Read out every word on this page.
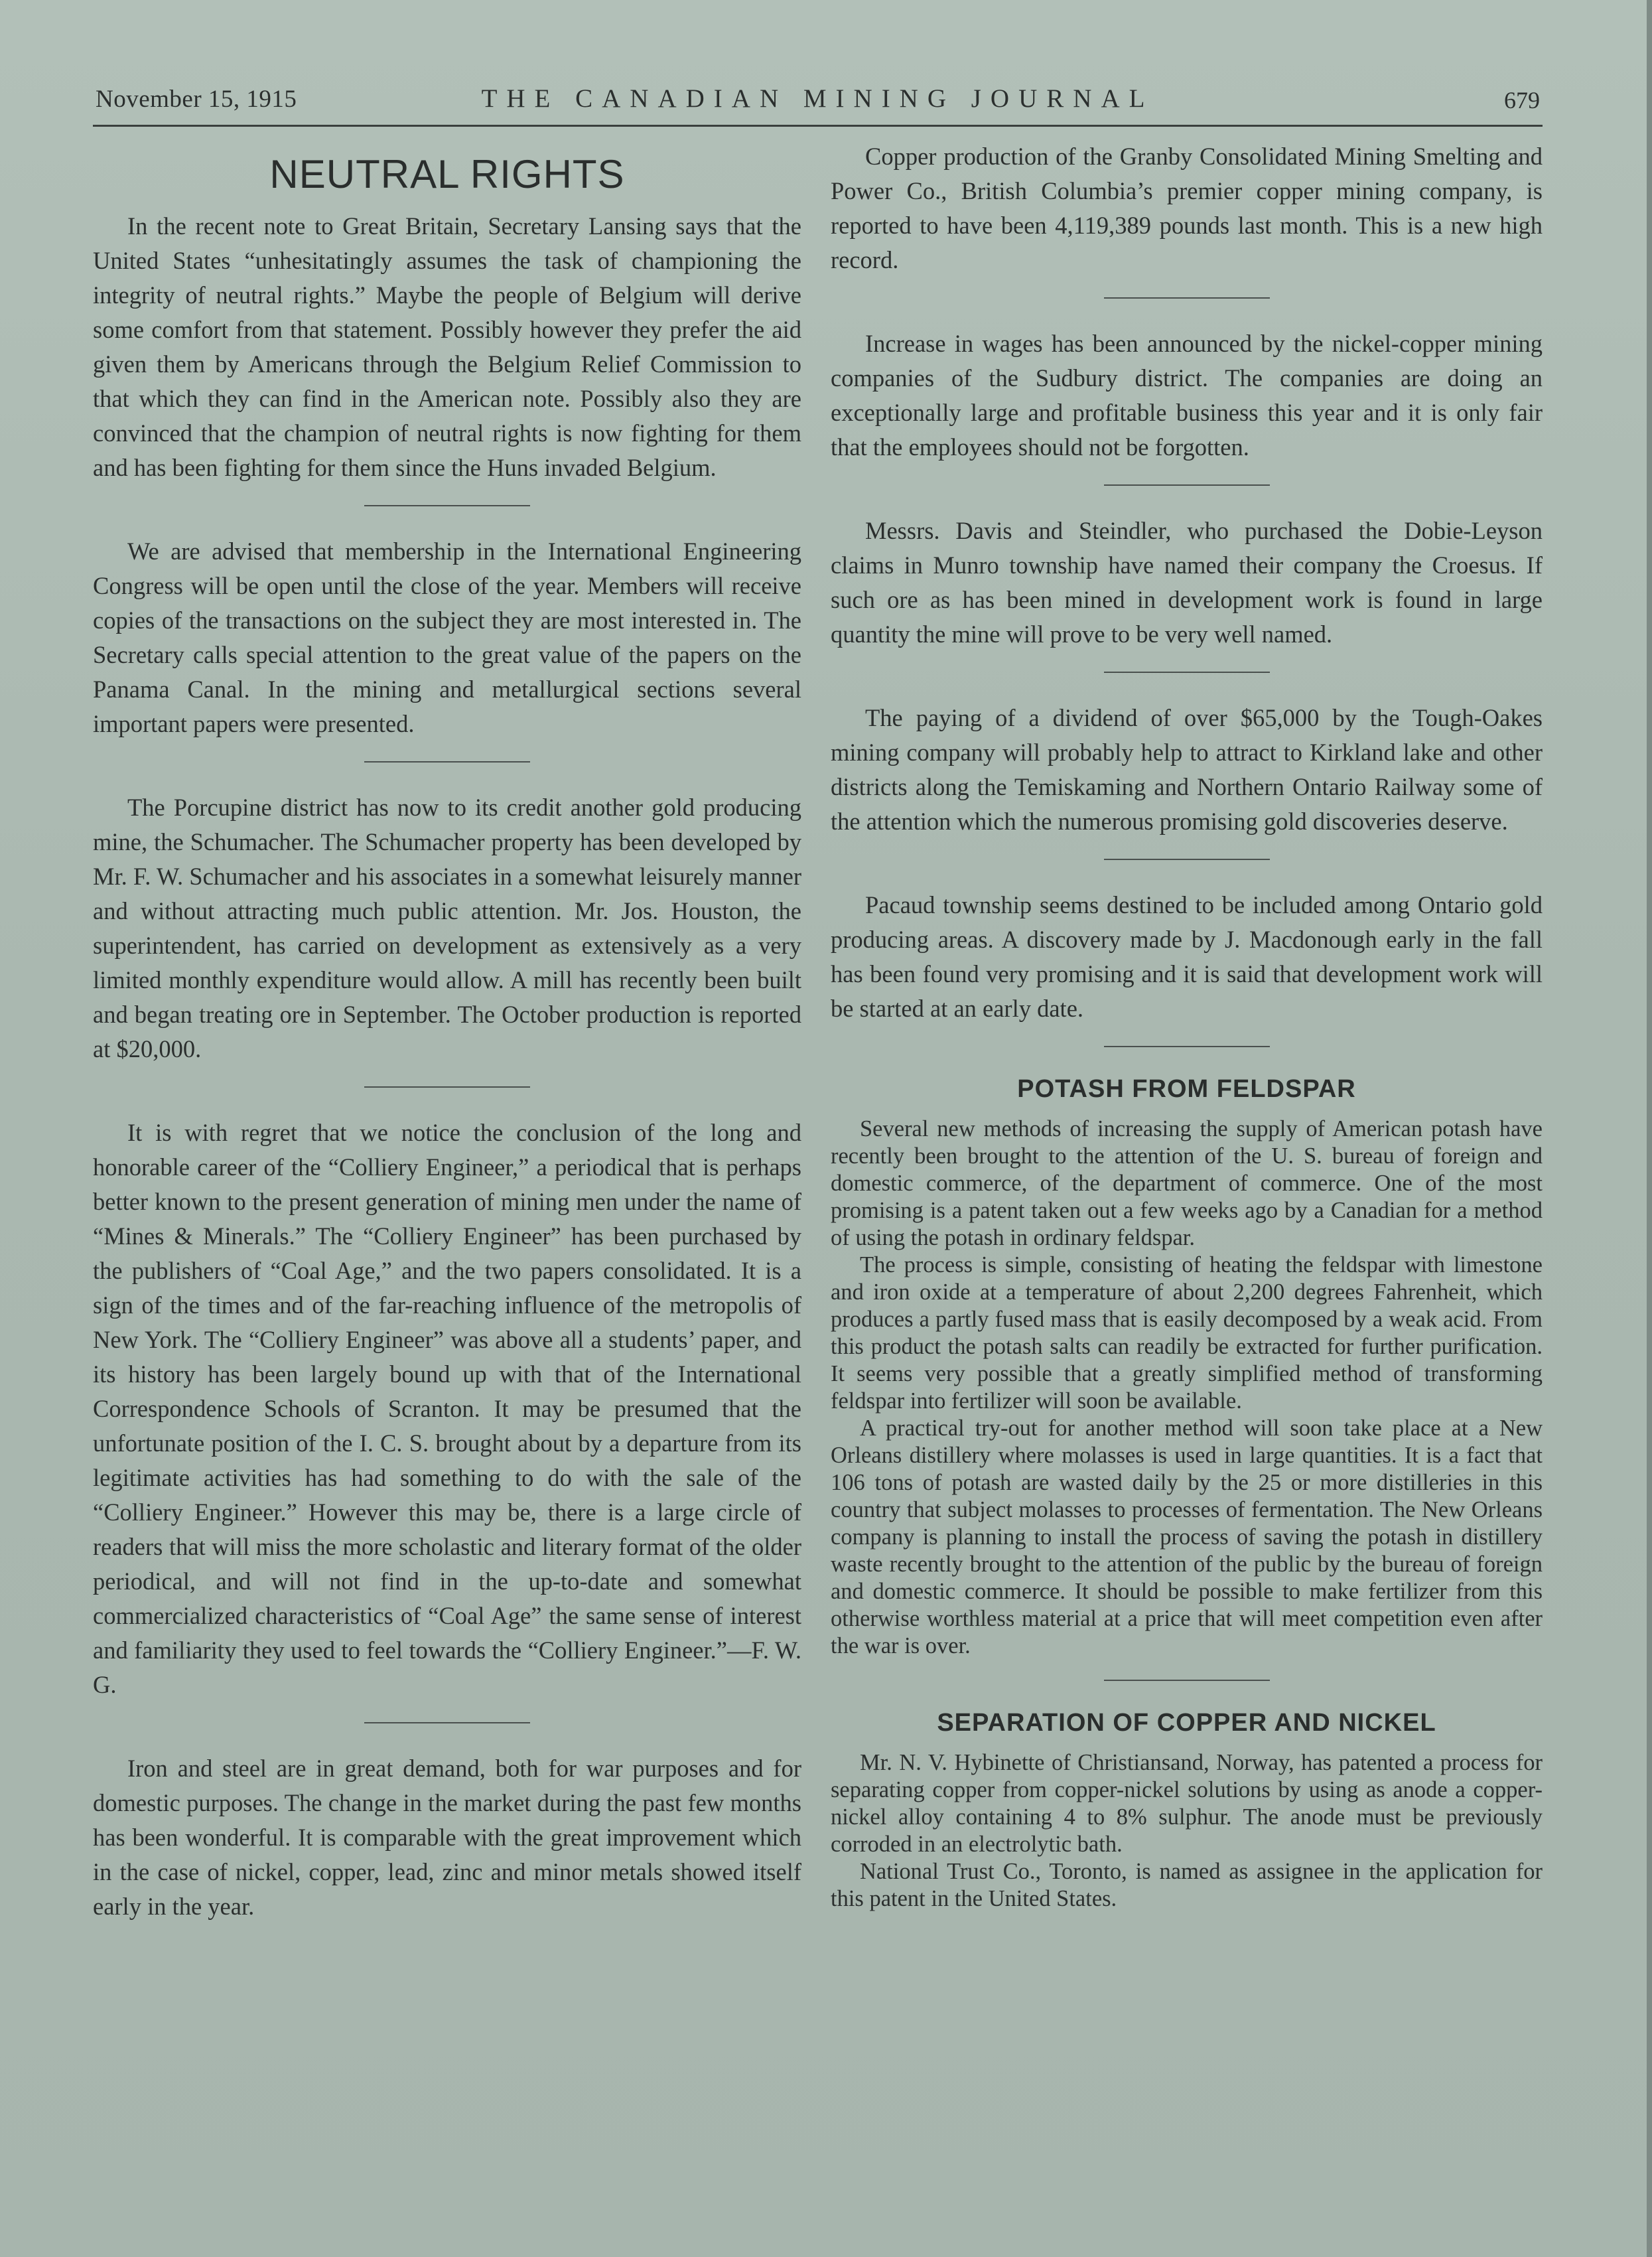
November 15, 1915	THE CANADIAN MINING JOURNAL	679
NEUTRAL RIGHTS

In the recent note to Great Britain, Secretary Lansing says that the United States “unhesitatingly assumes the task of championing the integrity of neutral rights.” Maybe the people of Belgium will derive some comfort from that statement. Possibly however they prefer the aid given them by Americans through the Belgium Relief Commission to that which they can find in the American note. Possibly also they are convinced that the champion of neutral rights is now fighting for them and has been fighting for them since the Huns invaded Belgium.

We are advised that membership in the International Engineering Congress will be open until the close of the year. Members will receive copies of the transactions on the subject they are most interested in. The Secretary calls special attention to the great value of the papers on the Panama Canal. In the mining and metallurgical sections several important papers were presented.

The Porcupine district has now to its credit another gold producing mine, the Schumacher. The Schumacher property has been developed by Mr. F. W. Schumacher and his associates in a somewhat leisurely manner and without attracting much public attention. Mr. Jos. Houston, the superintendent, has carried on development as extensively as a very limited monthly expenditure would allow. A mill has recently been built and began treating ore in September. The October production is reported at $20,000.

It is with regret that we notice the conclusion of the long and honorable career of the “Colliery Engineer,” a periodical that is perhaps better known to the present generation of mining men under the name of “Mines & Minerals.” The “Colliery Engineer” has been purchased by the publishers of “Coal Age,” and the two papers consolidated. It is a sign of the times and of the far-reaching influence of the metropolis of New York. The “Colliery Engineer” was above all a students’ paper, and its history has been largely bound up with that of the International Correspondence Schools of Scranton. It may be presumed that the unfortunate position of the I. C. S. brought about by a departure from its legitimate activities has had something to do with the sale of the “Colliery Engineer.” However this may be, there is a large circle of readers that will miss the more scholastic and literary format of the older periodical, and will not find in the up-to-date and somewhat commercialized characteristics of “Coal Age” the same sense of interest and familiarity they used to feel towards the “Colliery Engineer.”—F. W. G.

Iron and steel are in great demand, both for war purposes and for domestic purposes. The change in the market during the past few months has been wonderful. It is comparable with the great improvement which in the case of nickel, copper, lead, zinc and minor metals showed itself early in the year.

Copper production of the Granby Consolidated Mining Smelting and Power Co., British Columbia’s premier copper mining company, is reported to have been 4,119,389 pounds last month. This is a new high record.

Increase in wages has been announced by the nickel-copper mining companies of the Sudbury district. The companies are doing an exceptionally large and profitable business this year and it is only fair that the employees should not be forgotten.

Messrs. Davis and Steindler, who purchased the Dobie-Leyson claims in Munro township have named their company the Croesus. If such ore as has been mined in development work is found in large quantity the mine will prove to be very well named.

The paying of a dividend of over $65,000 by the Tough-Oakes mining company will probably help to attract to Kirkland lake and other districts along the Temiskaming and Northern Ontario Railway some of the attention which the numerous promising gold discoveries deserve.

Pacaud township seems destined to be included among Ontario gold producing areas. A discovery made by J. Macdonough early in the fall has been found very promising and it is said that development work will be started at an early date.

POTASH FROM FELDSPAR

Several new methods of increasing the supply of American potash have recently been brought to the attention of the U. S. bureau of foreign and domestic commerce, of the department of commerce. One of the most promising is a patent taken out a few weeks ago by a Canadian for a method of using the potash in ordinary feldspar.

The process is simple, consisting of heating the feldspar with limestone and iron oxide at a temperature of about 2,200 degrees Fahrenheit, which produces a partly fused mass that is easily decomposed by a weak acid. From this product the potash salts can readily be extracted for further purification. It seems very possible that a greatly simplified method of transforming feldspar into fertilizer will soon be available.

A practical try-out for another method will soon take place at a New Orleans distillery where molasses is used in large quantities. It is a fact that 106 tons of potash are wasted daily by the 25 or more distilleries in this country that subject molasses to processes of fermentation. The New Orleans company is planning to install the process of saving the potash in distillery waste recently brought to the attention of the public by the bureau of foreign and domestic commerce. It should be possible to make fertilizer from this otherwise worthless material at a price that will meet competition even after the war is over.

SEPARATION OF COPPER AND NICKEL

Mr. N. V. Hybinette of Christiansand, Norway, has patented a process for separating copper from copper-nickel solutions by using as anode a copper-nickel alloy containing 4 to 8% sulphur. The anode must be previously corroded in an electrolytic bath.

National Trust Co., Toronto, is named as assignee in the application for this patent in the United States.
